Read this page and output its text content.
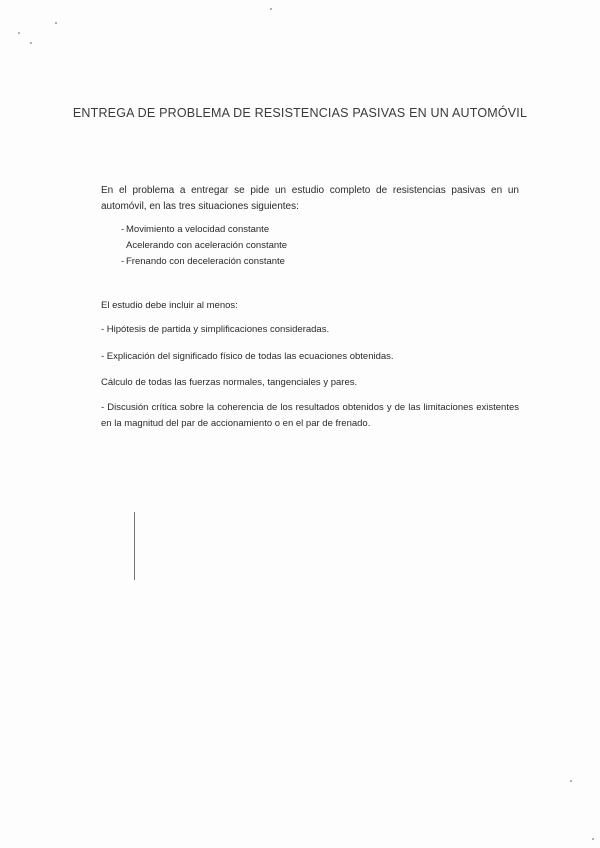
ENTREGA DE PROBLEMA DE RESISTENCIAS PASIVAS EN UN AUTOMÓVIL

En el problema a entregar se pide un estudio completo de resistencias pasivas en un automóvil, en las tres situaciones siguientes:

- Movimiento a velocidad constante
Acelerando con aceleración constante
- Frenando con deceleración constante

El estudio debe incluir al menos:

- Hipótesis de partida y simplificaciones consideradas.

- Explicación del significado físico de todas las ecuaciones obtenidas.

Cálculo de todas las fuerzas normales, tangenciales y pares.

- Discusión crítica sobre la coherencia de los resultados obtenidos y de las limitaciones existentes en la magnitud del par de accionamiento o en el par de frenado.
